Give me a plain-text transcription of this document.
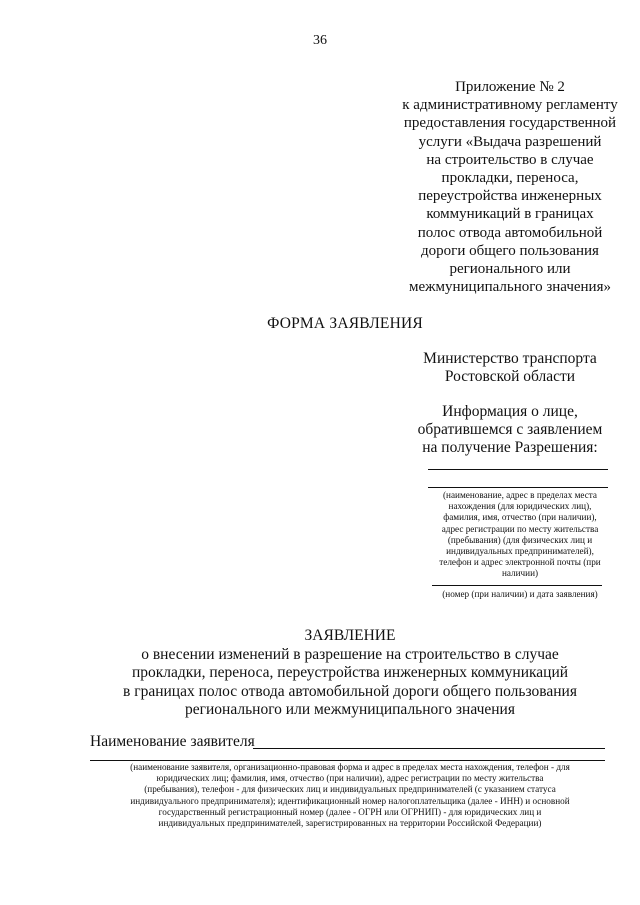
36
Приложение № 2
к административному регламенту
предоставления государственной
услуги «Выдача разрешений
на строительство в случае
прокладки, переноса,
переустройства инженерных
коммуникаций в границах
полос отвода автомобильной
дороги общего пользования
регионального или
межмуниципального значения»
ФОРМА ЗАЯВЛЕНИЯ
Министерство транспорта
Ростовской области
Информация о лице,
обратившемся с заявлением
на получение Разрешения:
(наименование, адрес в пределах места
нахождения (для юридических лиц),
фамилия, имя, отчество (при наличии),
адрес регистрации по месту жительства
(пребывания) (для физических лиц и
индивидуальных предпринимателей),
телефон и адрес электронной почты (при
наличии)
(номер (при наличии) и дата заявления)
ЗАЯВЛЕНИЕ
о внесении изменений в разрешение на строительство в случае
прокладки, переноса, переустройства инженерных коммуникаций
в границах полос отвода автомобильной дороги общего пользования
регионального или межмуниципального значения
Наименование заявителя
(наименование заявителя, организационно-правовая форма и адрес в пределах места нахождения, телефон - для
юридических лиц; фамилия, имя, отчество (при наличии), адрес регистрации по месту жительства
(пребывания), телефон - для физических лиц и индивидуальных предпринимателей (с указанием статуса
индивидуального предпринимателя); идентификационный номер налогоплательщика (далее - ИНН) и основной
государственный регистрационный номер (далее - ОГРН или ОГРНИП) - для юридических лиц и
индивидуальных предпринимателей, зарегистрированных на территории Российской Федерации)
